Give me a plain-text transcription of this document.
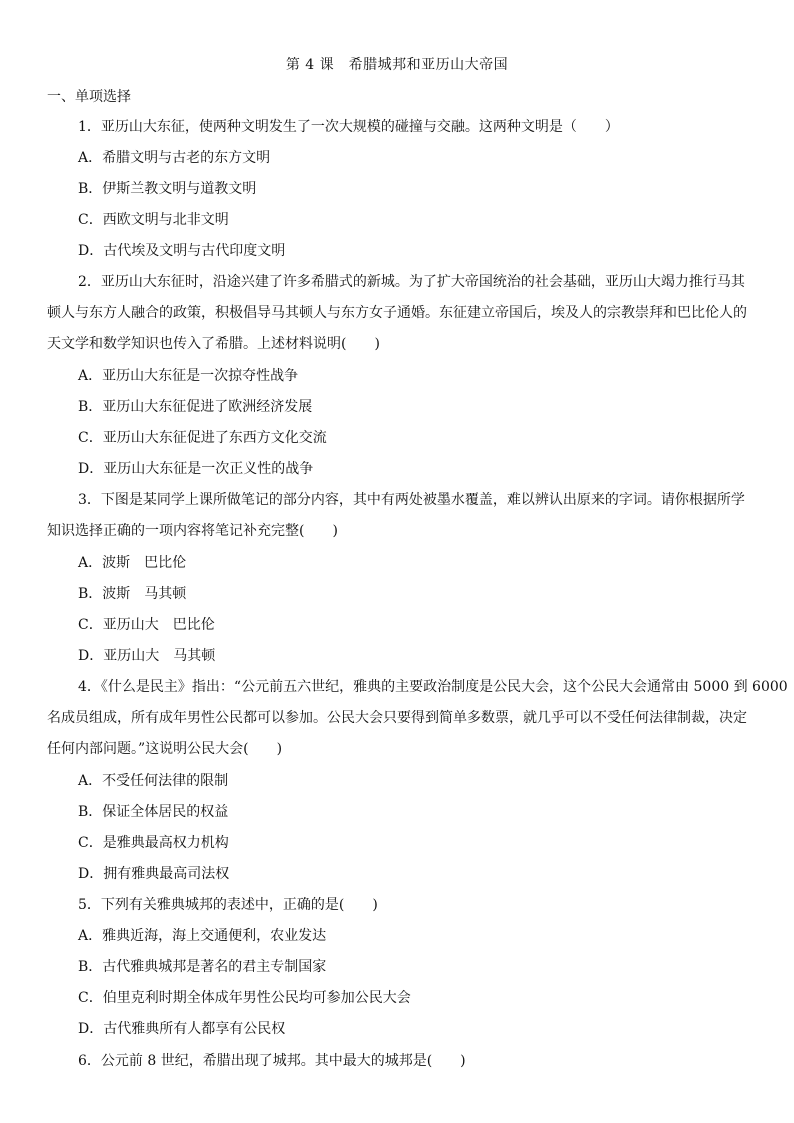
第 4 课　希腊城邦和亚历山大帝国
一、单项选择
1．亚历山大东征，使两种文明发生了一次大规模的碰撞与交融。这两种文明是（　　）
A．希腊文明与古老的东方文明
B．伊斯兰教文明与道教文明
C．西欧文明与北非文明
D．古代埃及文明与古代印度文明
2．亚历山大东征时，沿途兴建了许多希腊式的新城。为了扩大帝国统治的社会基础，亚历山大竭力推行马其
顿人与东方人融合的政策，积极倡导马其顿人与东方女子通婚。东征建立帝国后，埃及人的宗教崇拜和巴比伦人的
天文学和数学知识也传入了希腊。上述材料说明(　　)
A．亚历山大东征是一次掠夺性战争
B．亚历山大东征促进了欧洲经济发展
C．亚历山大东征促进了东西方文化交流
D．亚历山大东征是一次正义性的战争
3．下图是某同学上课所做笔记的部分内容，其中有两处被墨水覆盖，难以辨认出原来的字词。请你根据所学
知识选择正确的一项内容将笔记补充完整(　　)
A．波斯　巴比伦
B．波斯　马其顿
C．亚历山大　巴比伦
D．亚历山大　马其顿
4．《什么是民主》指出：“公元前五六世纪，雅典的主要政治制度是公民大会，这个公民大会通常由 5000 到 6000
名成员组成，所有成年男性公民都可以参加。公民大会只要得到简单多数票，就几乎可以不受任何法律制裁，决定
任何内部问题。”这说明公民大会(　　)
A．不受任何法律的限制
B．保证全体居民的权益
C．是雅典最高权力机构
D．拥有雅典最高司法权
5．下列有关雅典城邦的表述中，正确的是(　　)
A．雅典近海，海上交通便利，农业发达
B．古代雅典城邦是著名的君主专制国家
C．伯里克利时期全体成年男性公民均可参加公民大会
D．古代雅典所有人都享有公民权
6．公元前 8 世纪，希腊出现了城邦。其中最大的城邦是(　　)
